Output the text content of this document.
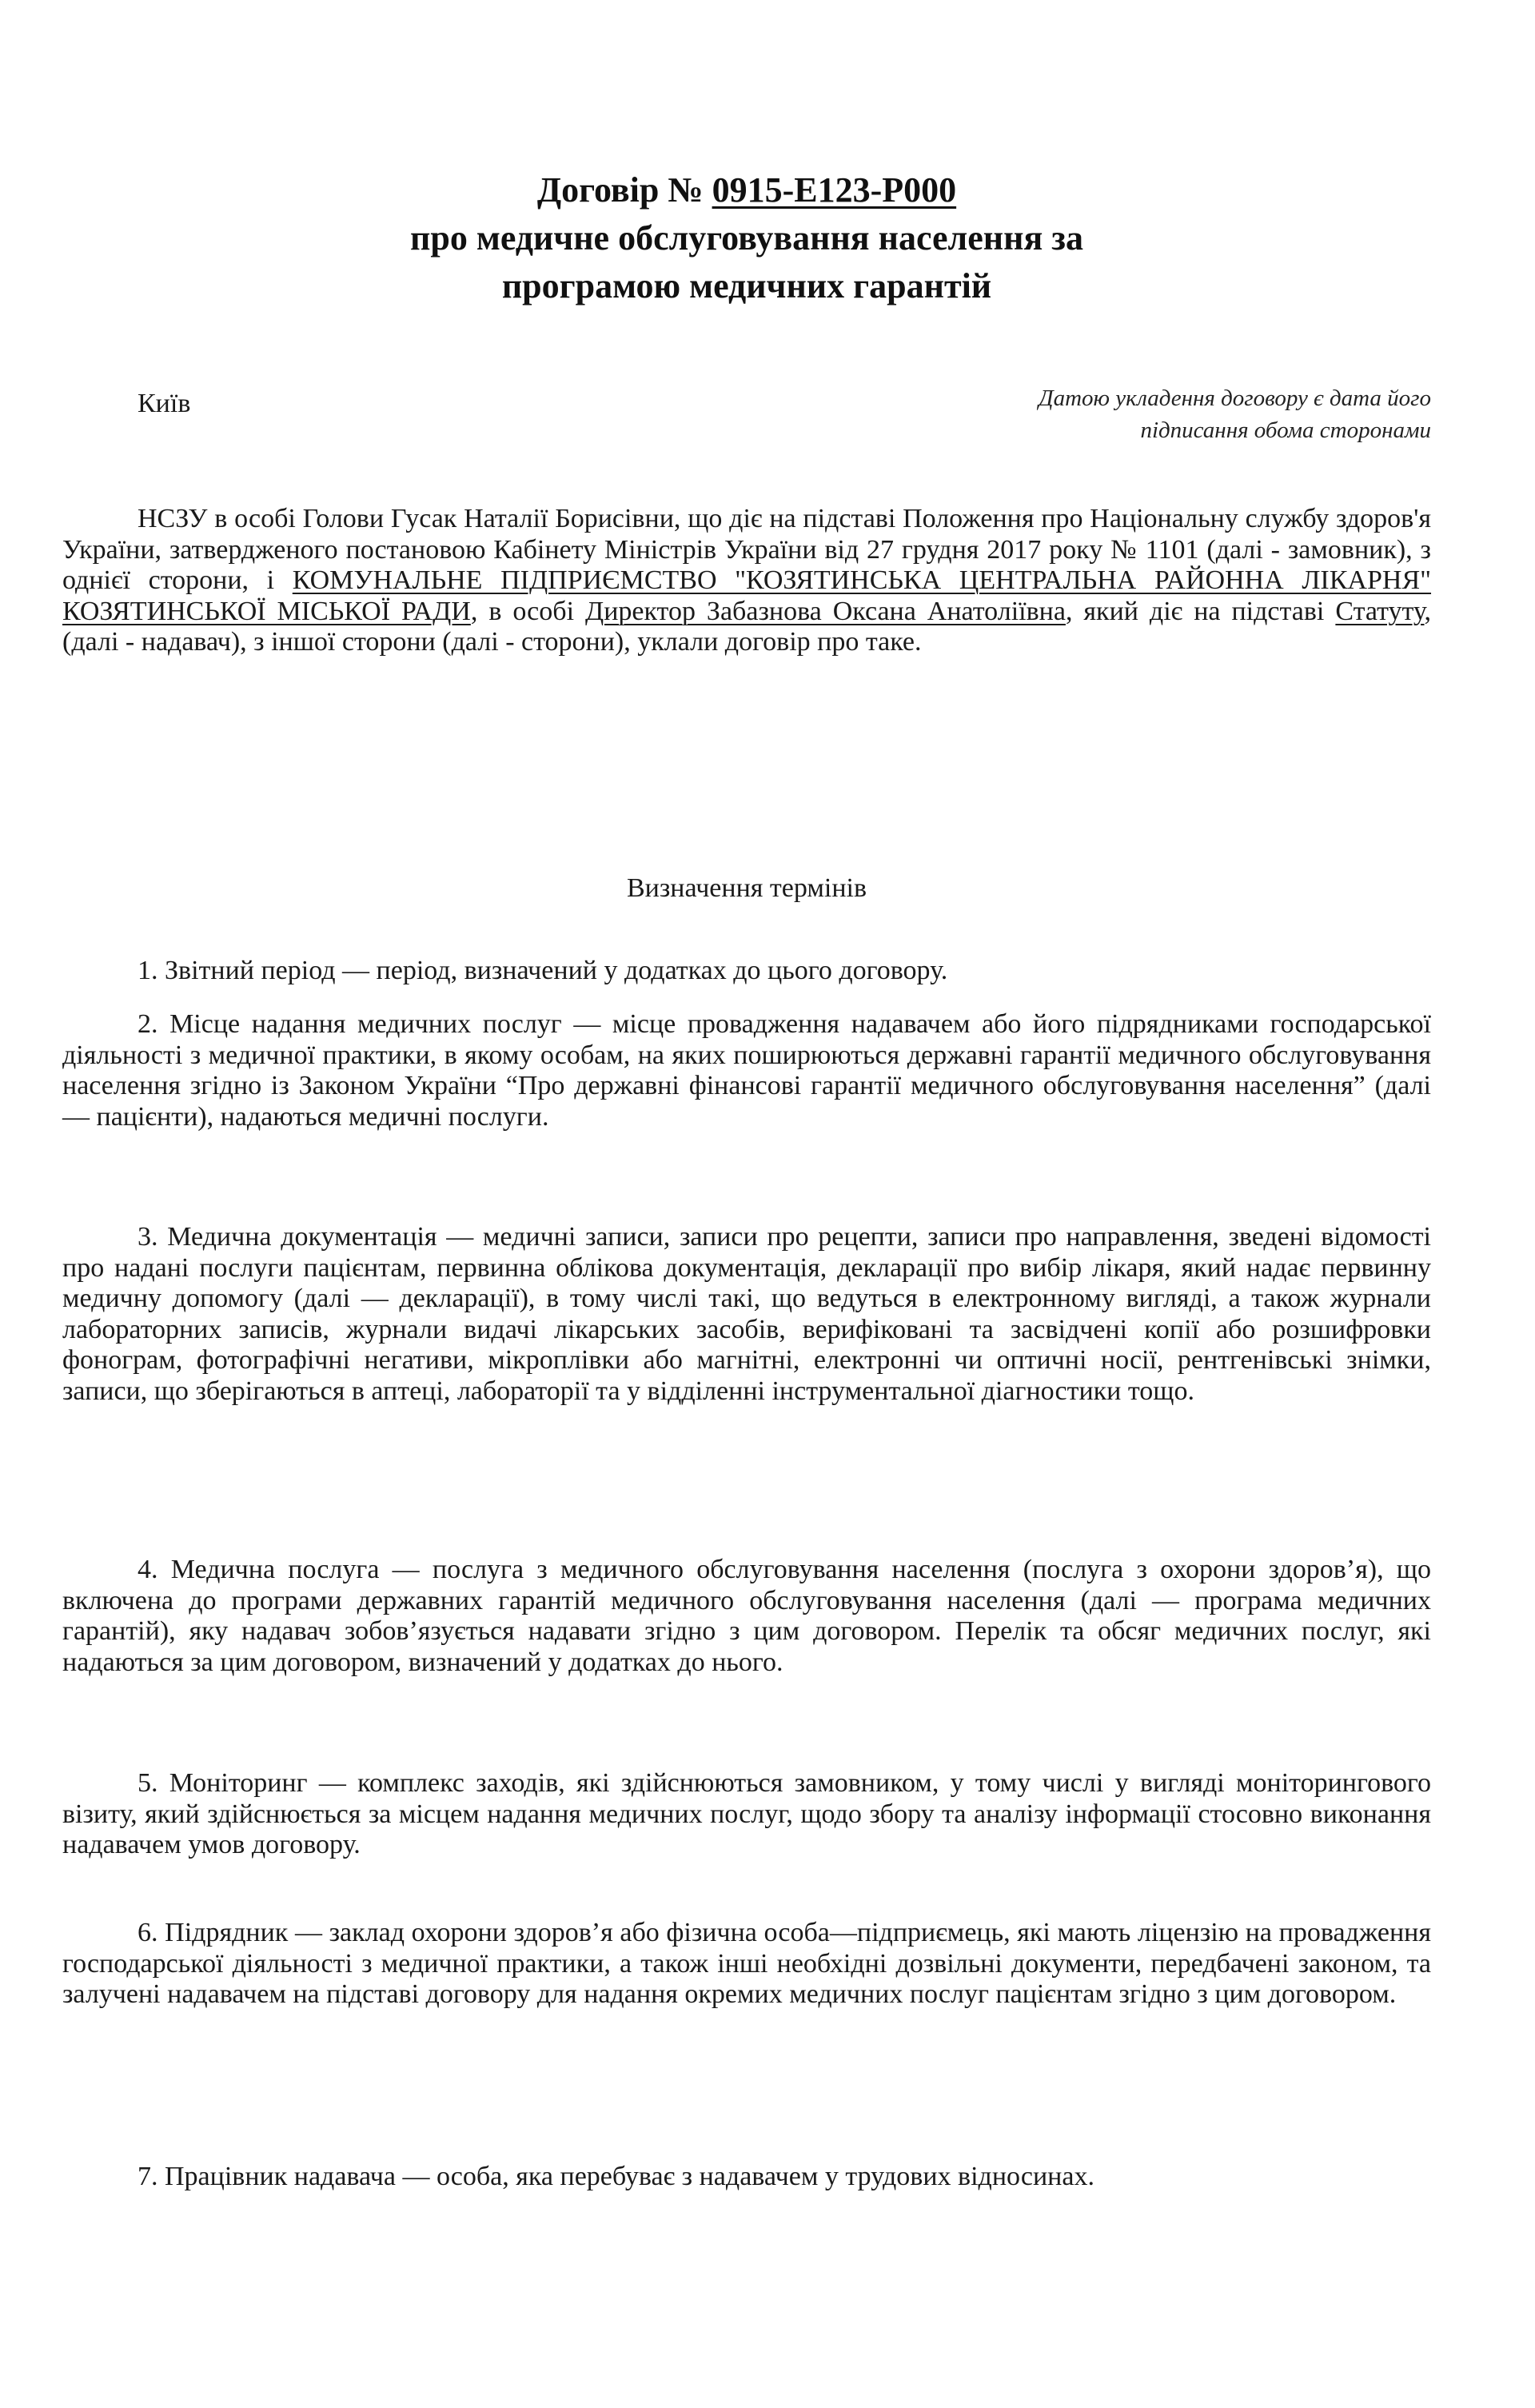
Договір № 0915-E123-P000
про медичне обслуговування населення за
програмою медичних гарантій
Київ	Датою укладення договору є дата його
підписання обома сторонами

НСЗУ в особі Голови Гусак Наталії Борисівни, що діє на підставі Положення про Національну службу здоров'я України, затвердженого постановою Кабінету Міністрів України від 27 грудня 2017 року № 1101 (далі - замовник), з однієї сторони, і КОМУНАЛЬНЕ ПІДПРИЄМСТВО "КОЗЯТИНСЬКА ЦЕНТРАЛЬНА РАЙОННА ЛІКАРНЯ" КОЗЯТИНСЬКОЇ МІСЬКОЇ РАДИ, в особі Директор Забазнова Оксана Анатоліївна, який діє на підставі Статуту, (далі - надавач), з іншої сторони (далі - сторони), уклали договір про таке.

Визначення термінів

1. Звітний період — період, визначений у додатках до цього договору.

2. Місце надання медичних послуг — місце провадження надавачем або його підрядниками господарської діяльності з медичної практики, в якому особам, на яких поширюються державні гарантії медичного обслуговування населення згідно із Законом України “Про державні фінансові гарантії медичного обслуговування населення” (далі — пацієнти), надаються медичні послуги.

3. Медична документація — медичні записи, записи про рецепти, записи про направлення, зведені відомості про надані послуги пацієнтам, первинна облікова документація, декларації про вибір лікаря, який надає первинну медичну допомогу (далі — декларації), в тому числі такі, що ведуться в електронному вигляді, а також журнали лабораторних записів, журнали видачі лікарських засобів, верифіковані та засвідчені копії або розшифровки фонограм, фотографічні негативи, мікроплівки або магнітні, електронні чи оптичні носії, рентгенівські знімки, записи, що зберігаються в аптеці, лабораторії та у відділенні інструментальної діагностики тощо.

4. Медична послуга — послуга з медичного обслуговування населення (послуга з охорони здоров’я), що включена до програми державних гарантій медичного обслуговування населення (далі — програма медичних гарантій), яку надавач зобов’язується надавати згідно з цим договором. Перелік та обсяг медичних послуг, які надаються за цим договором, визначений у додатках до нього.

5. Моніторинг — комплекс заходів, які здійснюються замовником, у тому числі у вигляді моніторингового візиту, який здійснюється за місцем надання медичних послуг, щодо збору та аналізу інформації стосовно виконання надавачем умов договору.

6. Підрядник — заклад охорони здоров’я або фізична особа—підприємець, які мають ліцензію на провадження господарської діяльності з медичної практики, а також інші необхідні дозвільні документи, передбачені законом, та залучені надавачем на підставі договору для надання окремих медичних послуг пацієнтам згідно з цим договором.

7. Працівник надавача — особа, яка перебуває з надавачем у трудових відносинах.
